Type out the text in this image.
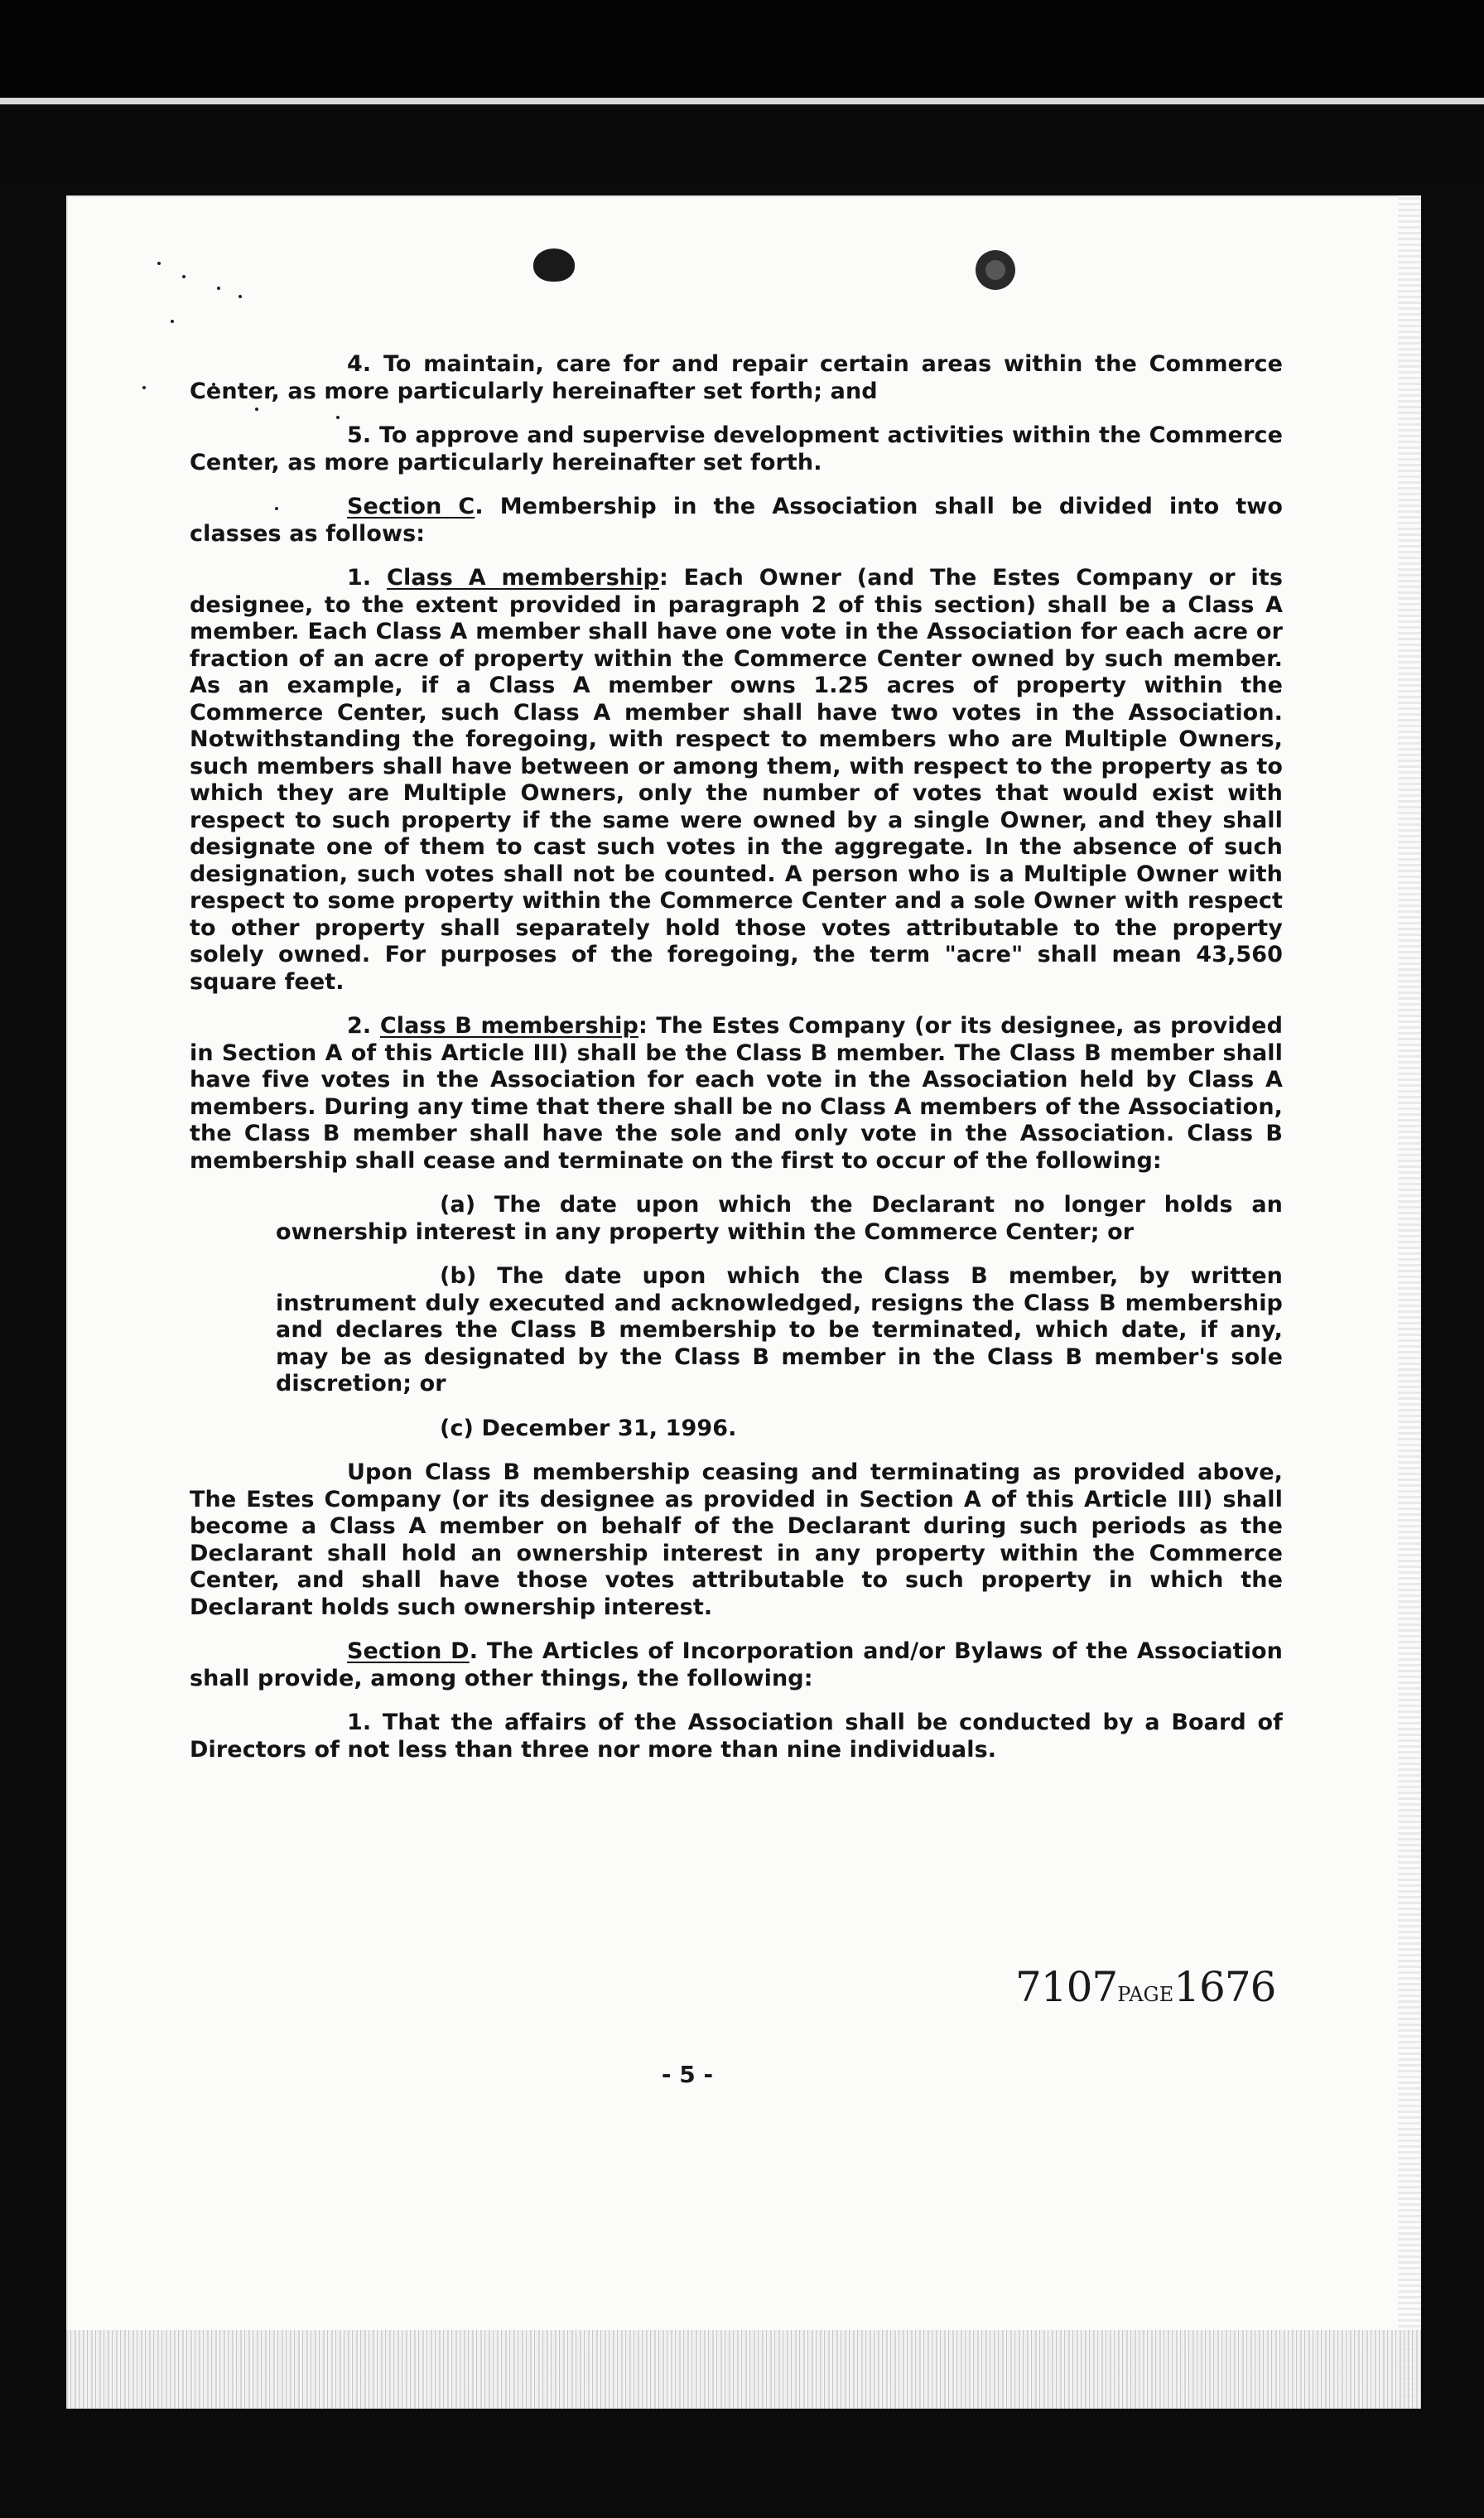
4. To maintain, care for and repair certain areas within the Commerce Center, as more particularly hereinafter set forth; and

5. To approve and supervise development activities within the Commerce Center, as more particularly hereinafter set forth.

Section C. Membership in the Association shall be divided into two classes as follows:

1. Class A membership: Each Owner (and The Estes Company or its designee, to the extent provided in paragraph 2 of this section) shall be a Class A member. Each Class A member shall have one vote in the Association for each acre or fraction of an acre of property within the Commerce Center owned by such member. As an example, if a Class A member owns 1.25 acres of property within the Commerce Center, such Class A member shall have two votes in the Association. Notwithstanding the foregoing, with respect to members who are Multiple Owners, such members shall have between or among them, with respect to the property as to which they are Multiple Owners, only the number of votes that would exist with respect to such property if the same were owned by a single Owner, and they shall designate one of them to cast such votes in the aggregate. In the absence of such designation, such votes shall not be counted. A person who is a Multiple Owner with respect to some property within the Commerce Center and a sole Owner with respect to other property shall separately hold those votes attributable to the property solely owned. For purposes of the foregoing, the term "acre" shall mean 43,560 square feet.

2. Class B membership: The Estes Company (or its designee, as provided in Section A of this Article III) shall be the Class B member. The Class B member shall have five votes in the Association for each vote in the Association held by Class A members. During any time that there shall be no Class A members of the Association, the Class B member shall have the sole and only vote in the Association. Class B membership shall cease and terminate on the first to occur of the following:

(a) The date upon which the Declarant no longer holds an ownership interest in any property within the Commerce Center; or

(b) The date upon which the Class B member, by written instrument duly executed and acknowledged, resigns the Class B membership and declares the Class B membership to be terminated, which date, if any, may be as designated by the Class B member in the Class B member's sole discretion; or

(c) December 31, 1996.

Upon Class B membership ceasing and terminating as provided above, The Estes Company (or its designee as provided in Section A of this Article III) shall become a Class A member on behalf of the Declarant during such periods as the Declarant shall hold an ownership interest in any property within the Commerce Center, and shall have those votes attributable to such property in which the Declarant holds such ownership interest.

Section D. The Articles of Incorporation and/or Bylaws of the Association shall provide, among other things, the following:

1. That the affairs of the Association shall be conducted by a Board of Directors of not less than three nor more than nine individuals.

7107PAGE1676
- 5 -
